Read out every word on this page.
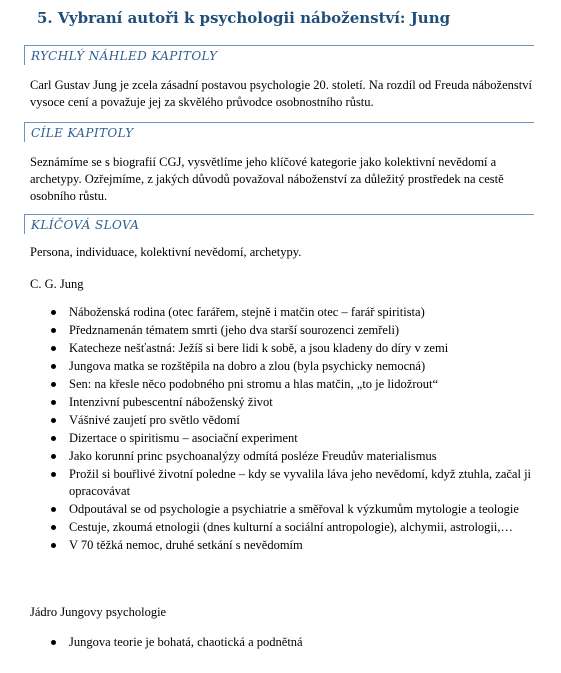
5. Vybraní autoři k psychologii náboženství: Jung
RYCHLÝ NÁHLED KAPITOLY
Carl Gustav Jung je zcela zásadní postavou psychologie 20. století. Na rozdíl od Freuda náboženství vysoce cení a považuje jej za skvělého průvodce osobnostního růstu.
CÍLE KAPITOLY
Seznámíme se s biografií CGJ, vysvětlíme jeho klíčové kategorie jako kolektivní nevědomí a archetypy. Ozřejmíme, z jakých důvodů považoval náboženství za důležitý prostředek na cestě osobního růstu.
KLÍČOVÁ SLOVA
Persona, individuace, kolektivní nevědomí, archetypy.
C. G. Jung
Náboženská rodina (otec farářem, stejně i matčin otec – farář spiritista)
Předznamenán tématem smrti (jeho dva starší sourozenci zemřeli)
Katecheze nešťastná: Ježíš si bere lidi k sobě, a jsou kladeny do díry v zemi
Jungova matka se rozštěpila na dobro a zlou (byla psychicky nemocná)
Sen: na křesle něco podobného pni stromu a hlas matčin, „to je lidožrout“
Intenzivní pubescentní náboženský život
Vášnivé zaujetí pro světlo vědomí
Dizertace o spiritismu – asociační experiment
Jako korunní princ psychoanalýzy odmítá posléze Freudův materialismus
Prožil si bouřlivé životní poledne – kdy se vyvalila láva jeho nevědomí, když ztuhla, začal ji opracovávat
Odpoutával se od psychologie a psychiatrie a směřoval k výzkumům mytologie a teologie
Cestuje, zkoumá etnologii (dnes kulturní a sociální antropologie), alchymii, astrologii,…
V 70 těžká nemoc, druhé setkání s nevědomím
Jádro Jungovy psychologie
Jungova teorie je bohatá, chaotická a podnětná
